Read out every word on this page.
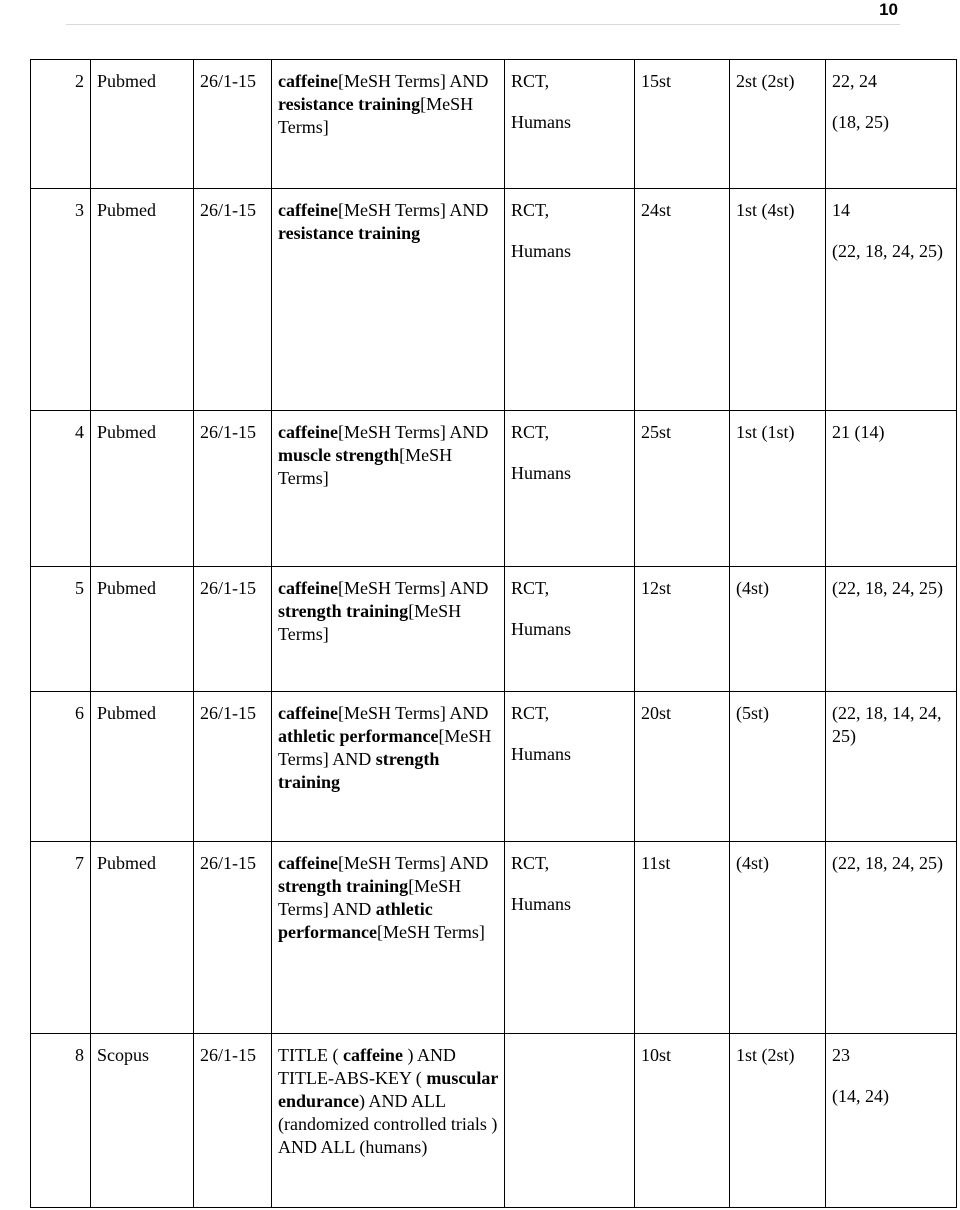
10
2	Pubmed	26/1-15	caffeine[MeSH Terms] AND resistance training[MeSH Terms]	RCT,
Humans	15st	2st (2st)	22, 24
(18, 25)

3	Pubmed	26/1-15	caffeine[MeSH Terms] AND resistance training	RCT,
Humans	24st	1st (4st)	14
(22, 18, 24, 25)

4	Pubmed	26/1-15	caffeine[MeSH Terms] AND muscle strength[MeSH Terms]	RCT,
Humans	25st	1st (1st)	21 (14)

5	Pubmed	26/1-15	caffeine[MeSH Terms] AND strength training[MeSH Terms]	RCT,
Humans	12st	(4st)	(22, 18, 24, 25)

6	Pubmed	26/1-15	caffeine[MeSH Terms] AND athletic performance[MeSH Terms] AND strength training	RCT,
Humans	20st	(5st)	(22, 18, 14, 24, 25)

7	Pubmed	26/1-15	caffeine[MeSH Terms] AND strength training[MeSH Terms] AND athletic performance[MeSH Terms]	RCT,
Humans	11st	(4st)	(22, 18, 24, 25)

8	Scopus	26/1-15	TITLE ( caffeine ) AND TITLE-ABS-KEY ( muscular endurance) AND ALL (randomized controlled trials ) AND ALL (humans)		10st	1st (2st)	23
(14, 24)
